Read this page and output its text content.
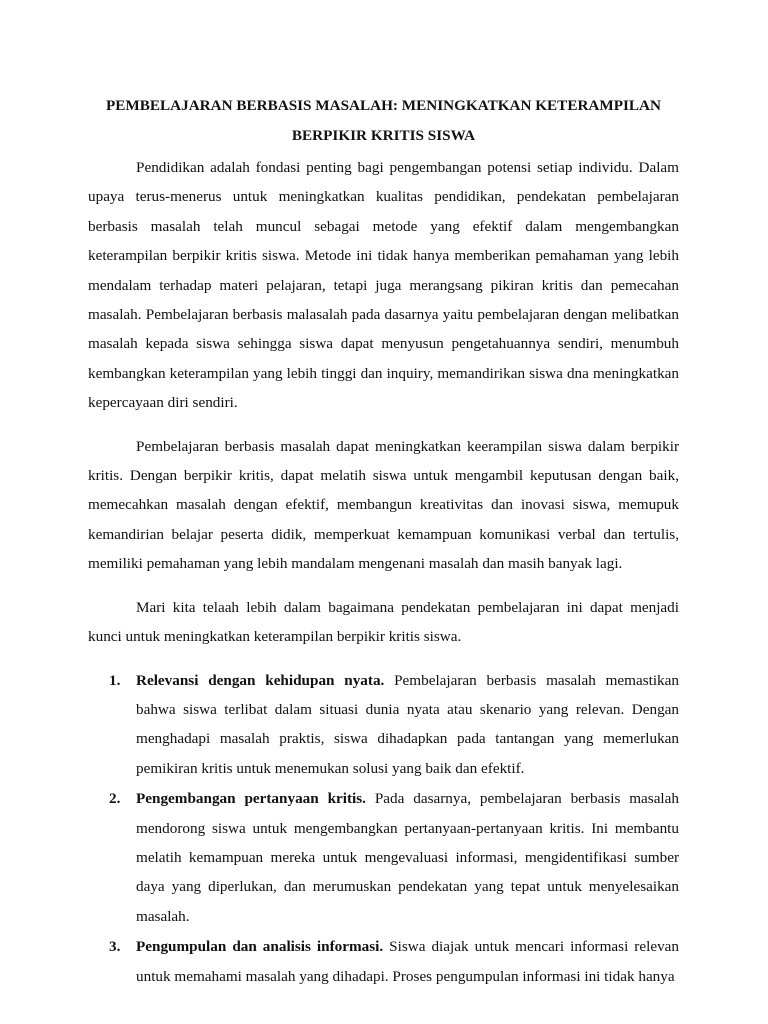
PEMBELAJARAN BERBASIS MASALAH: MENINGKATKAN KETERAMPILAN BERPIKIR KRITIS SISWA

Pendidikan adalah fondasi penting bagi pengembangan potensi setiap individu. Dalam upaya terus-menerus untuk meningkatkan kualitas pendidikan, pendekatan pembelajaran berbasis masalah telah muncul sebagai metode yang efektif dalam mengembangkan keterampilan berpikir kritis siswa. Metode ini tidak hanya memberikan pemahaman yang lebih mendalam terhadap materi pelajaran, tetapi juga merangsang pikiran kritis dan pemecahan masalah. Pembelajaran berbasis malasalah pada dasarnya yaitu pembelajaran dengan melibatkan masalah kepada siswa sehingga siswa dapat menyusun pengetahuannya sendiri, menumbuh kembangkan keterampilan yang lebih tinggi dan inquiry, memandirikan siswa dna meningkatkan kepercayaan diri sendiri.

Pembelajaran berbasis masalah dapat meningkatkan keerampilan siswa dalam berpikir kritis. Dengan berpikir kritis, dapat melatih siswa untuk mengambil keputusan dengan baik, memecahkan masalah dengan efektif, membangun kreativitas dan inovasi siswa, memupuk kemandirian belajar peserta didik, memperkuat kemampuan komunikasi verbal dan tertulis, memiliki pemahaman yang lebih mandalam mengenani masalah dan masih banyak lagi.

Mari kita telaah lebih dalam bagaimana pendekatan pembelajaran ini dapat menjadi kunci untuk meningkatkan keterampilan berpikir kritis siswa.

1. Relevansi dengan kehidupan nyata. Pembelajaran berbasis masalah memastikan bahwa siswa terlibat dalam situasi dunia nyata atau skenario yang relevan. Dengan menghadapi masalah praktis, siswa dihadapkan pada tantangan yang memerlukan pemikiran kritis untuk menemukan solusi yang baik dan efektif.
2. Pengembangan pertanyaan kritis. Pada dasarnya, pembelajaran berbasis masalah mendorong siswa untuk mengembangkan pertanyaan-pertanyaan kritis. Ini membantu melatih kemampuan mereka untuk mengevaluasi informasi, mengidentifikasi sumber daya yang diperlukan, dan merumuskan pendekatan yang tepat untuk menyelesaikan masalah.
3. Pengumpulan dan analisis informasi. Siswa diajak untuk mencari informasi relevan untuk memahami masalah yang dihadapi. Proses pengumpulan informasi ini tidak hanya
